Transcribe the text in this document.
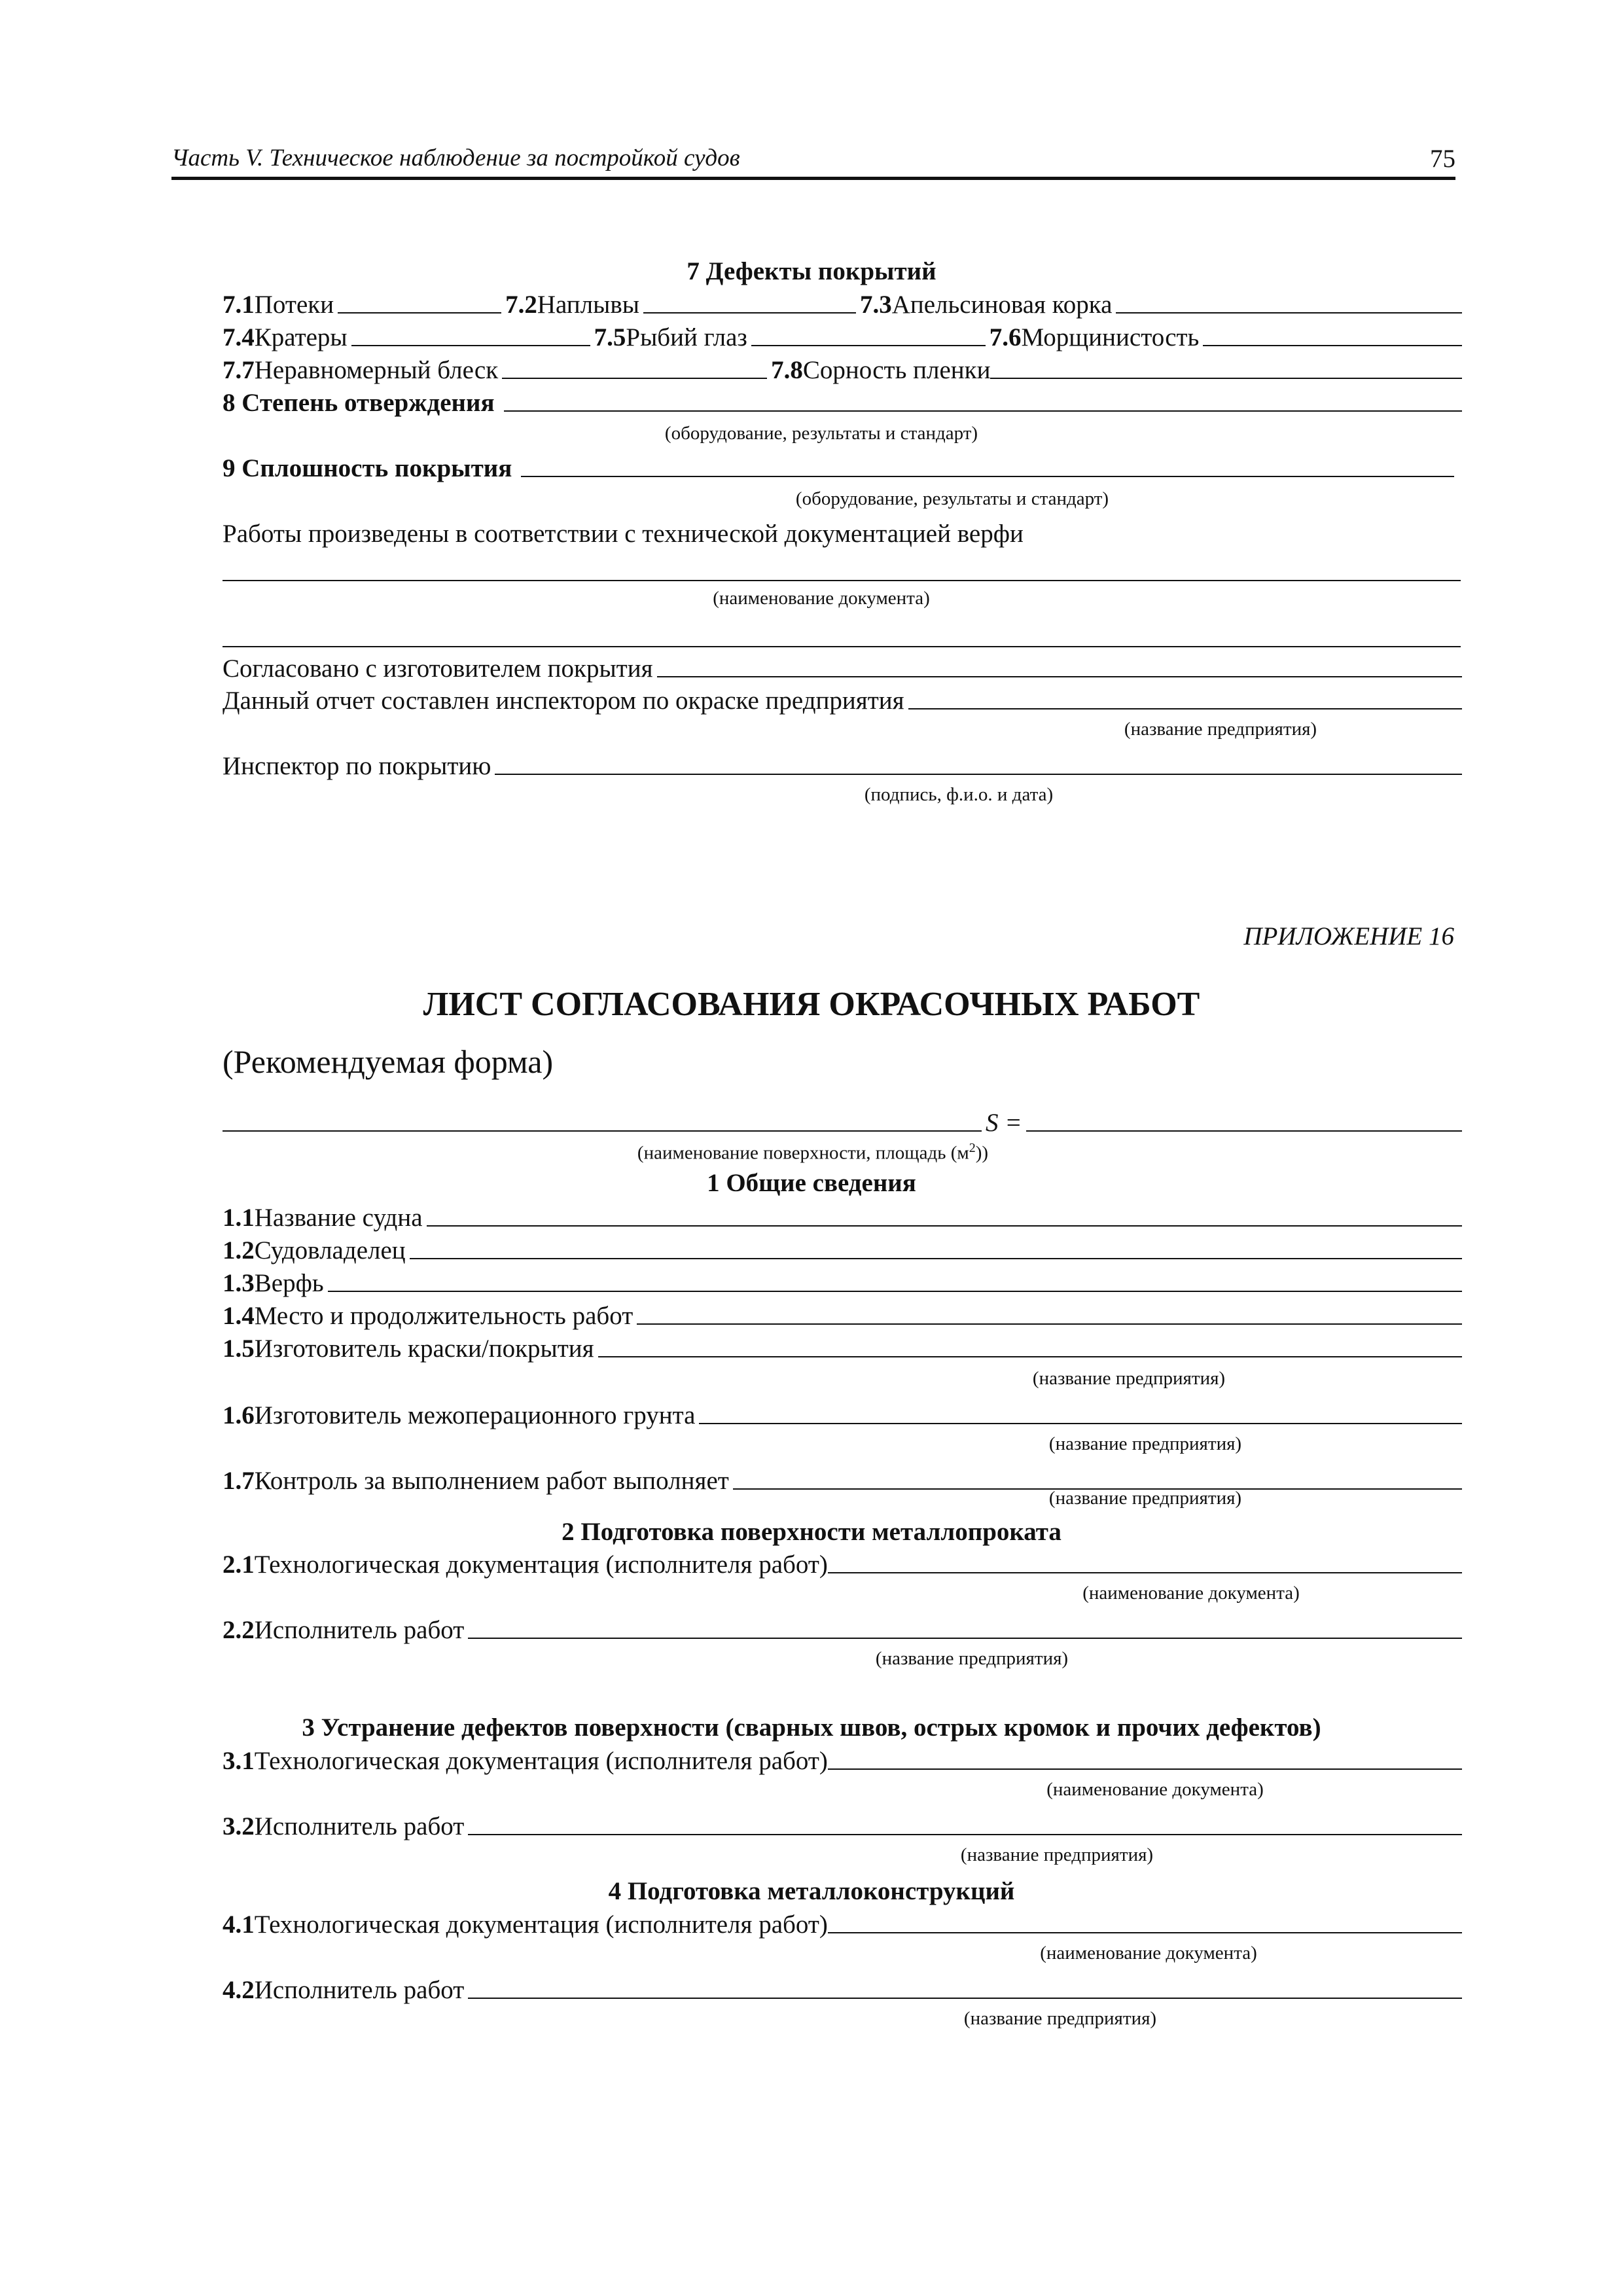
Часть V. Техническое наблюдение за постройкой судов	75
7 Дефекты покрытий
7.1 Потеки	7.2 Наплывы	7.3 Апельсиновая корка
7.4 Кратеры	7.5 Рыбий глаз	7.6 Морщинистость
7.7 Неравномерный блеск	7.8 Сорность пленки
8 Степень отверждения
(оборудование, результаты и стандарт)
9 Сплошность покрытия
(оборудование, результаты и стандарт)
Работы произведены в соответствии с технической документацией верфи
(наименование документа)
Согласовано с изготовителем покрытия
Данный отчет составлен инспектором по окраске предприятия
(название предприятия)
Инспектор по покрытию
(подпись, ф.и.о. и дата)
ПРИЛОЖЕНИЕ 16
ЛИСТ СОГЛАСОВАНИЯ ОКРАСОЧНЫХ РАБОТ
(Рекомендуемая форма)
S =
(наименование поверхности, площадь $(м^2)$)
1 Общие сведения
1.1 Название судна
1.2 Судовладелец
1.3 Верфь
1.4 Место и продолжительность работ
1.5 Изготовитель краски/покрытия
(название предприятия)
1.6 Изготовитель межоперационного грунта
(название предприятия)
1.7 Контроль за выполнением работ выполняет
(название предприятия)
2 Подготовка поверхности металлопроката
2.1 Технологическая документация (исполнителя работ)
(наименование документа)
2.2 Исполнитель работ
(название предприятия)
3 Устранение дефектов поверхности (сварных швов, острых кромок и прочих дефектов)
3.1 Технологическая документация (исполнителя работ)
(наименование документа)
3.2 Исполнитель работ
(название предприятия)
4 Подготовка металлоконструкций
4.1 Технологическая документация (исполнителя работ)
(наименование документа)
4.2 Исполнитель работ
(название предприятия)
